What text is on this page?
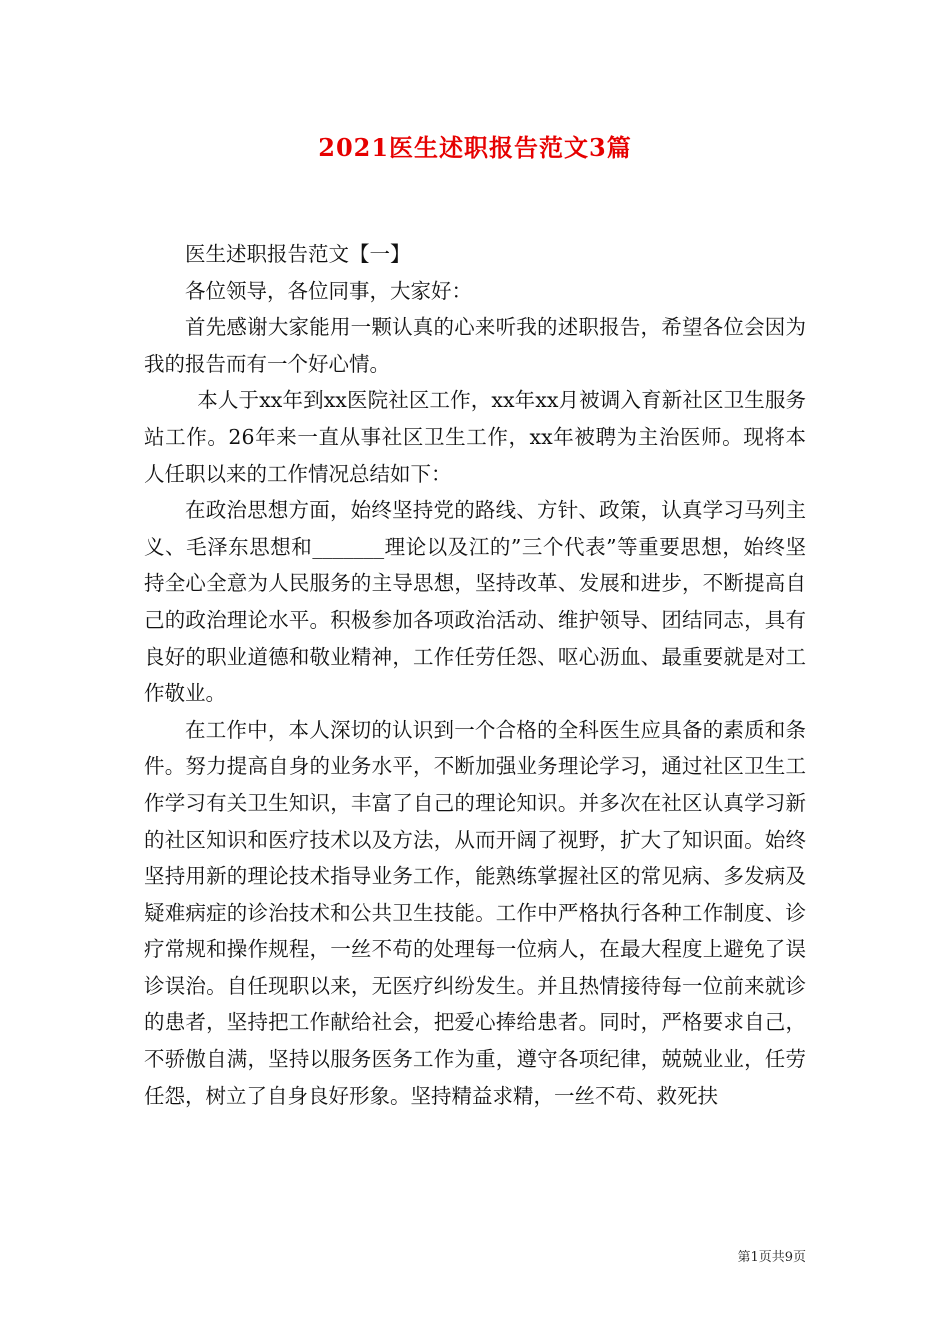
2021医生述职报告范文3篇

医生述职报告范文【一】

各位领导，各位同事，大家好：

首先感谢大家能用一颗认真的心来听我的述职报告，希望各位会因为我的报告而有一个好心情。

本人于xx年到xx医院社区工作，xx年xx月被调入育新社区卫生服务站工作。26年来一直从事社区卫生工作，xx年被聘为主治医师。现将本人任职以来的工作情况总结如下：

在政治思想方面，始终坚持党的路线、方针、政策，认真学习马列主义、毛泽东思想和_______理论以及江的”三个代表”等重要思想，始终坚持全心全意为人民服务的主导思想，坚持改革、发展和进步，不断提高自己的政治理论水平。积极参加各项政治活动、维护领导、团结同志，具有良好的职业道德和敬业精神，工作任劳任怨、呕心沥血、最重要就是对工作敬业。

在工作中，本人深切的认识到一个合格的全科医生应具备的素质和条件。努力提高自身的业务水平，不断加强业务理论学习，通过社区卫生工作学习有关卫生知识，丰富了自己的理论知识。并多次在社区认真学习新的社区知识和医疗技术以及方法，从而开阔了视野，扩大了知识面。始终坚持用新的理论技术指导业务工作，能熟练掌握社区的常见病、多发病及疑难病症的诊治技术和公共卫生技能。工作中严格执行各种工作制度、诊疗常规和操作规程，一丝不苟的处理每一位病人，在最大程度上避免了误诊误治。自任现职以来，无医疗纠纷发生。并且热情接待每一位前来就诊的患者，坚持把工作献给社会，把爱心捧给患者。同时，严格要求自己，不骄傲自满，坚持以服务医务工作为重，遵守各项纪律，兢兢业业，任劳任怨，树立了自身良好形象。坚持精益求精，一丝不苟、救死扶

第1页共9页
